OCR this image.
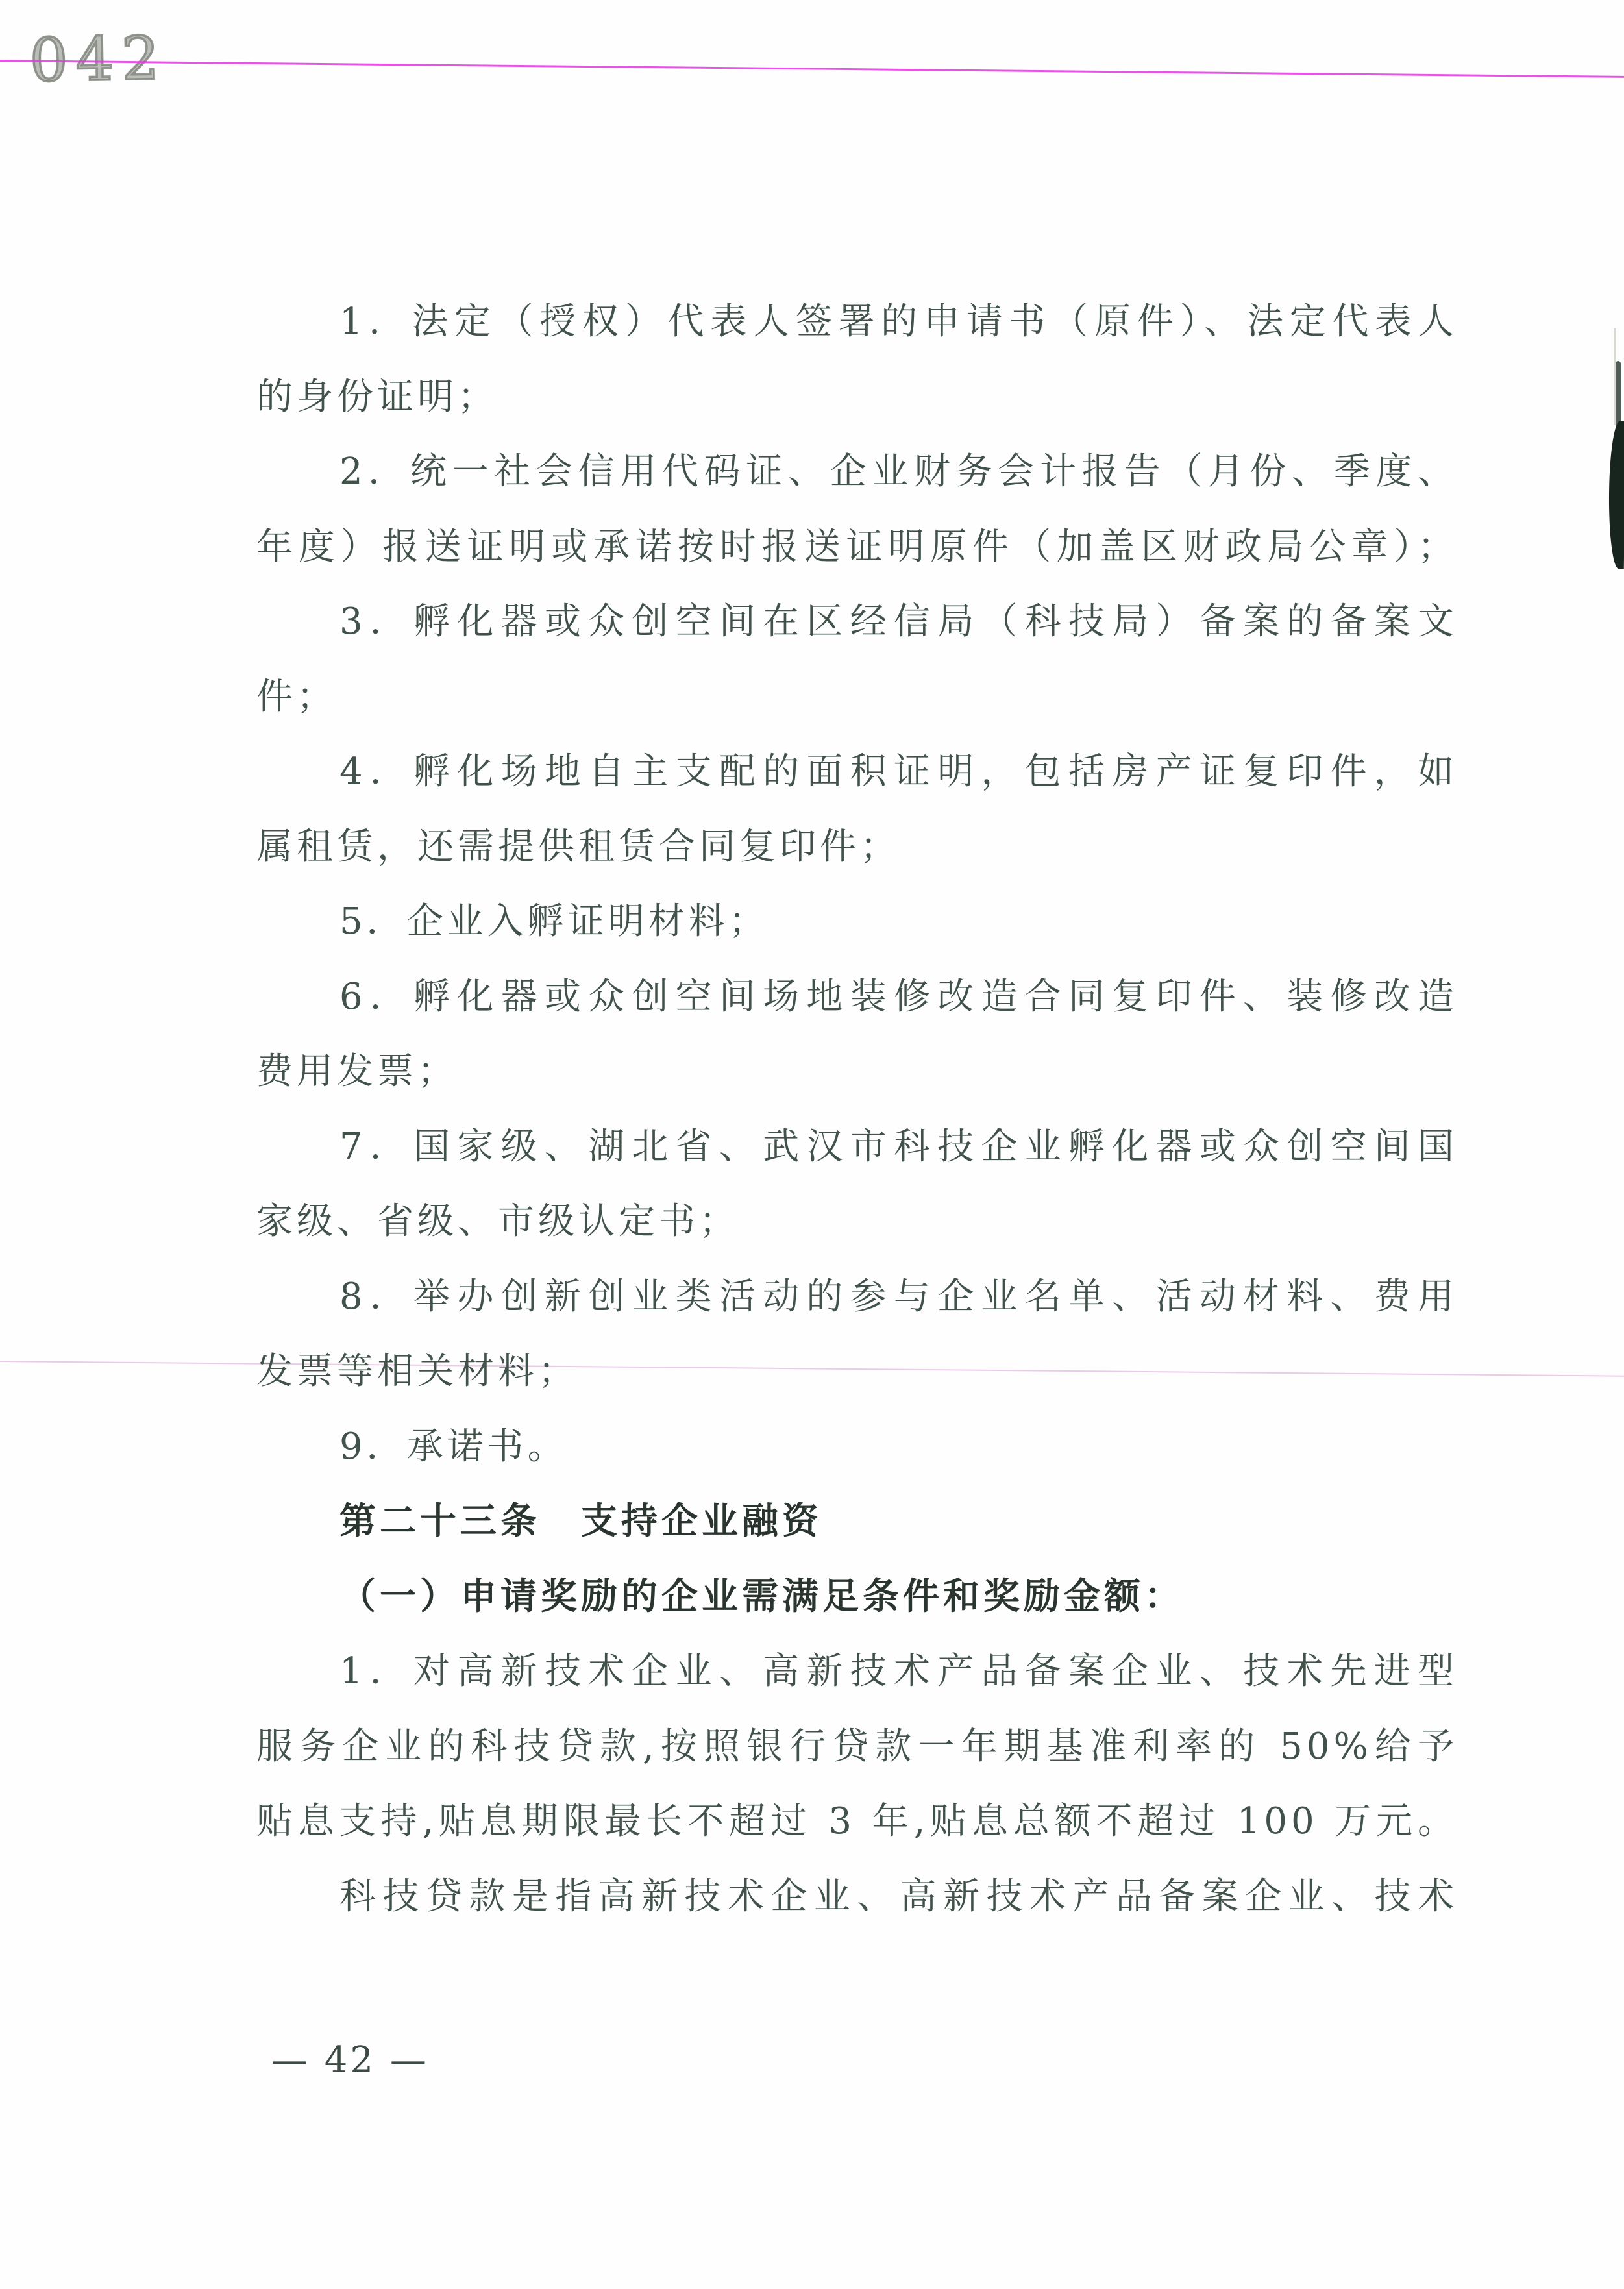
042
1．法定（授权）代表人签署的申请书（原件）、法定代表人
的身份证明；
2．统一社会信用代码证、企业财务会计报告（月份、季度、
年度）报送证明或承诺按时报送证明原件（加盖区财政局公章）；
3．孵化器或众创空间在区经信局（科技局）备案的备案文
件；
4．孵化场地自主支配的面积证明，包括房产证复印件，如
属租赁，还需提供租赁合同复印件；
5．企业入孵证明材料；
6．孵化器或众创空间场地装修改造合同复印件、装修改造
费用发票；
7．国家级、湖北省、武汉市科技企业孵化器或众创空间国
家级、省级、市级认定书；
8．举办创新创业类活动的参与企业名单、活动材料、费用
发票等相关材料；
9．承诺书。
第二十三条　支持企业融资
（一）申请奖励的企业需满足条件和奖励金额：
1．对高新技术企业、高新技术产品备案企业、技术先进型
服务企业的科技贷款,按照银行贷款一年期基准利率的 50%给予
贴息支持,贴息期限最长不超过 3 年,贴息总额不超过 100 万元。
科技贷款是指高新技术企业、高新技术产品备案企业、技术
— 42 —
